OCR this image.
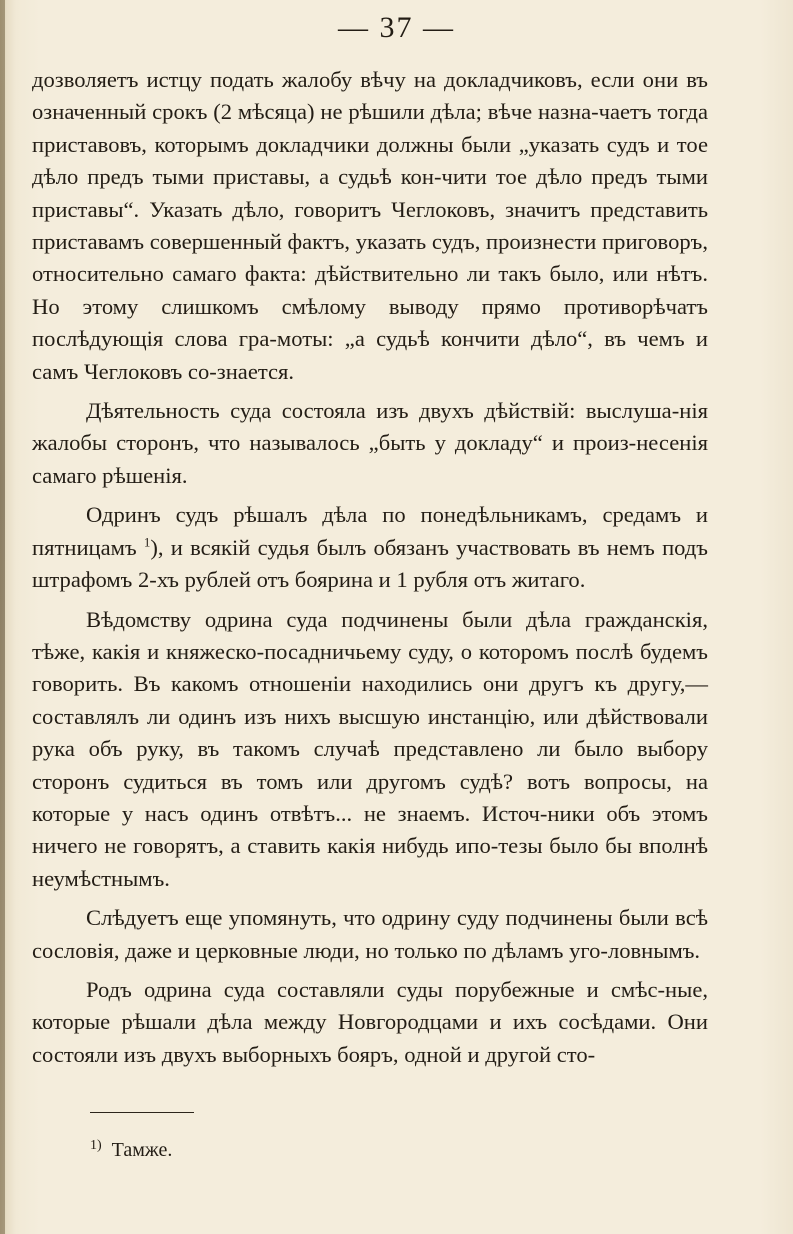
— 37 —

дозволяетъ истцу подать жалобу вѣчу на докладчиковъ, если они въ означенный срокъ (2 мѣсяца) не рѣшили дѣла; вѣче назна-чаетъ тогда приставовъ, которымъ докладчики должны были „указать судъ и тое дѣло предъ тыми приставы, а судьѣ кон-чити тое дѣло предъ тыми приставы“. Указать дѣло, говоритъ Чеглоковъ, значитъ представить приставамъ совершенный фактъ, указать судъ, произнести приговоръ, относительно самаго факта: дѣйствительно ли такъ было, или нѣтъ. Но этому слишкомъ смѣлому выводу прямо противорѣчатъ послѣдующія слова гра-моты: „а судьѣ кончити дѣло“, въ чемъ и самъ Чеглоковъ со-знается.

Дѣятельность суда состояла изъ двухъ дѣйствій: выслуша-нія жалобы сторонъ, что называлось „быть у докладу“ и произ-несенія самаго рѣшенія.

Одринъ судъ рѣшалъ дѣла по понедѣльникамъ, средамъ и пятницамъ $^1$), и всякій судья былъ обязанъ участвовать въ немъ подъ штрафомъ 2-хъ рублей отъ боярина и 1 рубля отъ житаго.

Вѣдомству одрина суда подчинены были дѣла гражданскія, тѣже, какія и княжеско-посадничьему суду, о которомъ послѣ будемъ говорить. Въ какомъ отношеніи находились они другъ къ другу,—составлялъ ли одинъ изъ нихъ высшую инстанцію, или дѣйствовали рука объ руку, въ такомъ случаѣ представлено ли было выбору сторонъ судиться въ томъ или другомъ судѣ? вотъ вопросы, на которые у насъ одинъ отвѣтъ... не знаемъ. Источ-ники объ этомъ ничего не говорятъ, а ставить какія нибудь ипо-тезы было бы вполнѣ неумѣстнымъ.

Слѣдуетъ еще упомянуть, что одрину суду подчинены были всѣ сословія, даже и церковные люди, но только по дѣламъ уго-ловнымъ.

Родъ одрина суда составляли суды порубежные и смѣс-ные, которые рѣшали дѣла между Новгородцами и ихъ сосѣдами. Они состояли изъ двухъ выборныхъ бояръ, одной и другой сто-

$^{1)}$ Тамже.
